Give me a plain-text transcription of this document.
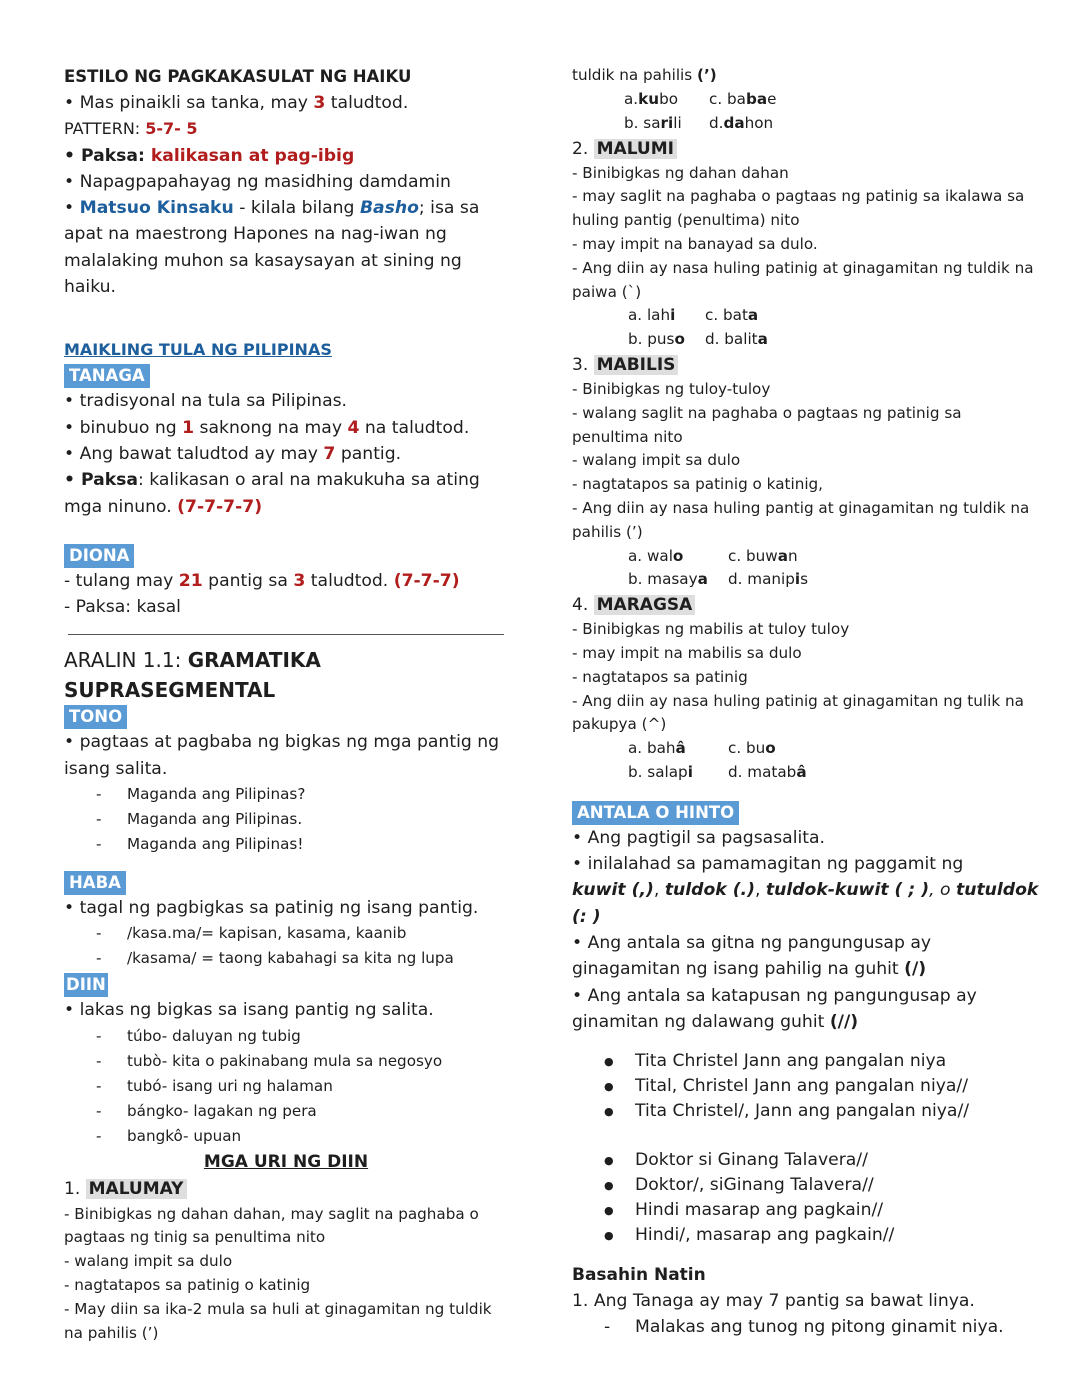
ESTILO NG PAGKAKASULAT NG HAIKU

• Mas pinaikli sa tanka, may 3 taludtod.

PATTERN: 5-7- 5

• Paksa: kalikasan at pag-ibig

• Napagpapahayag ng masidhing damdamin

• Matsuo Kinsaku - kilala bilang Basho; isa sa apat na maestrong Hapones na nag-iwan ng malalaking muhon sa kasaysayan at sining ng haiku.

MAIKLING TULA NG PILIPINAS

TANAGA

• tradisyonal na tula sa Pilipinas.

• binubuo ng 1 saknong na may 4 na taludtod.

• Ang bawat taludtod ay may 7 pantig.

• Paksa: kalikasan o aral na makukuha sa ating mga ninuno. (7-7-7-7)

DIONA

- tulang may 21 pantig sa 3 taludtod. (7-7-7)

- Paksa: kasal

ARALIN 1.1: GRAMATIKA SUPRASEGMENTAL

TONO

• pagtaas at pagbaba ng bigkas ng mga pantig ng isang salita.

- Maganda ang Pilipinas?

- Maganda ang Pilipinas.

- Maganda ang Pilipinas!

HABA

• tagal ng pagbigkas sa patinig ng isang pantig.

- /kasa.ma/= kapisan, kasama, kaanib

- /kasama/ = taong kabahagi sa kita ng lupa

DIIN

• lakas ng bigkas sa isang pantig ng salita.

- túbo- daluyan ng tubig

- tubò- kita o pakinabang mula sa negosyo

- tubó- isang uri ng halaman

- bángko- lagakan ng pera

- bangkô- upuan

MGA URI NG DIIN

1. MALUMAY

- Binibigkas ng dahan dahan, may saglit na paghaba o pagtaas ng tinig sa penultima nito

- walang impit sa dulo

- nagtatapos sa patinig o katinig

- May diin sa ika-2 mula sa huli at ginagamitan ng tuldik na pahilis (’)

tuldik na pahilis (’)

a.kubo c. babae

b. sarili d.dahon

2. MALUMI

- Binibigkas ng dahan dahan

- may saglit na paghaba o pagtaas ng patinig sa ikalawa sa huling pantig (penultima) nito

- may impit na banayad sa dulo.

- Ang diin ay nasa huling patinig at ginagamitan ng tuldik na paiwa (`)

a. lahi c. bata

b. puso d. balita

3. MABILIS

- Binibigkas ng tuloy-tuloy

- walang saglit na paghaba o pagtaas ng patinig sa penultima nito

- walang impit sa dulo

- nagtatapos sa patinig o katinig,

- Ang diin ay nasa huling pantig at ginagamitan ng tuldik na pahilis (’)

a. walo	c. buwan

b. masaya d. manipis

4. MARAGSA

- Binibigkas ng mabilis at tuloy tuloy

- may impit na mabilis sa dulo

- nagtatapos sa patinig

- Ang diin ay nasa huling patinig at ginagamitan ng tulik na pakupya (^)

a. bahâ	c. buo

b. salapi d. matabâ

ANTALA O HINTO

• Ang pagtigil sa pagsasalita.

• inilalahad sa pamamagitan ng paggamit ng

kuwit (,), tuldok (.), tuldok-kuwit ( ; ), o tutuldok (: )

• Ang antala sa gitna ng pangungusap ay ginagamitan ng isang pahilig na guhit (/)

• Ang antala sa katapusan ng pangungusap ay ginamitan ng dalawang guhit (//)

● Tita Christel Jann ang pangalan niya

● Tital, Christel Jann ang pangalan niya//

● Tita Christel/, Jann ang pangalan niya//

● Doktor si Ginang Talavera//

● Doktor/, siGinang Talavera//

● Hindi masarap ang pagkain//

● Hindi/, masarap ang pagkain//

Basahin Natin

1. Ang Tanaga ay may 7 pantig sa bawat linya.

- Malakas ang tunog ng pitong ginamit niya.
